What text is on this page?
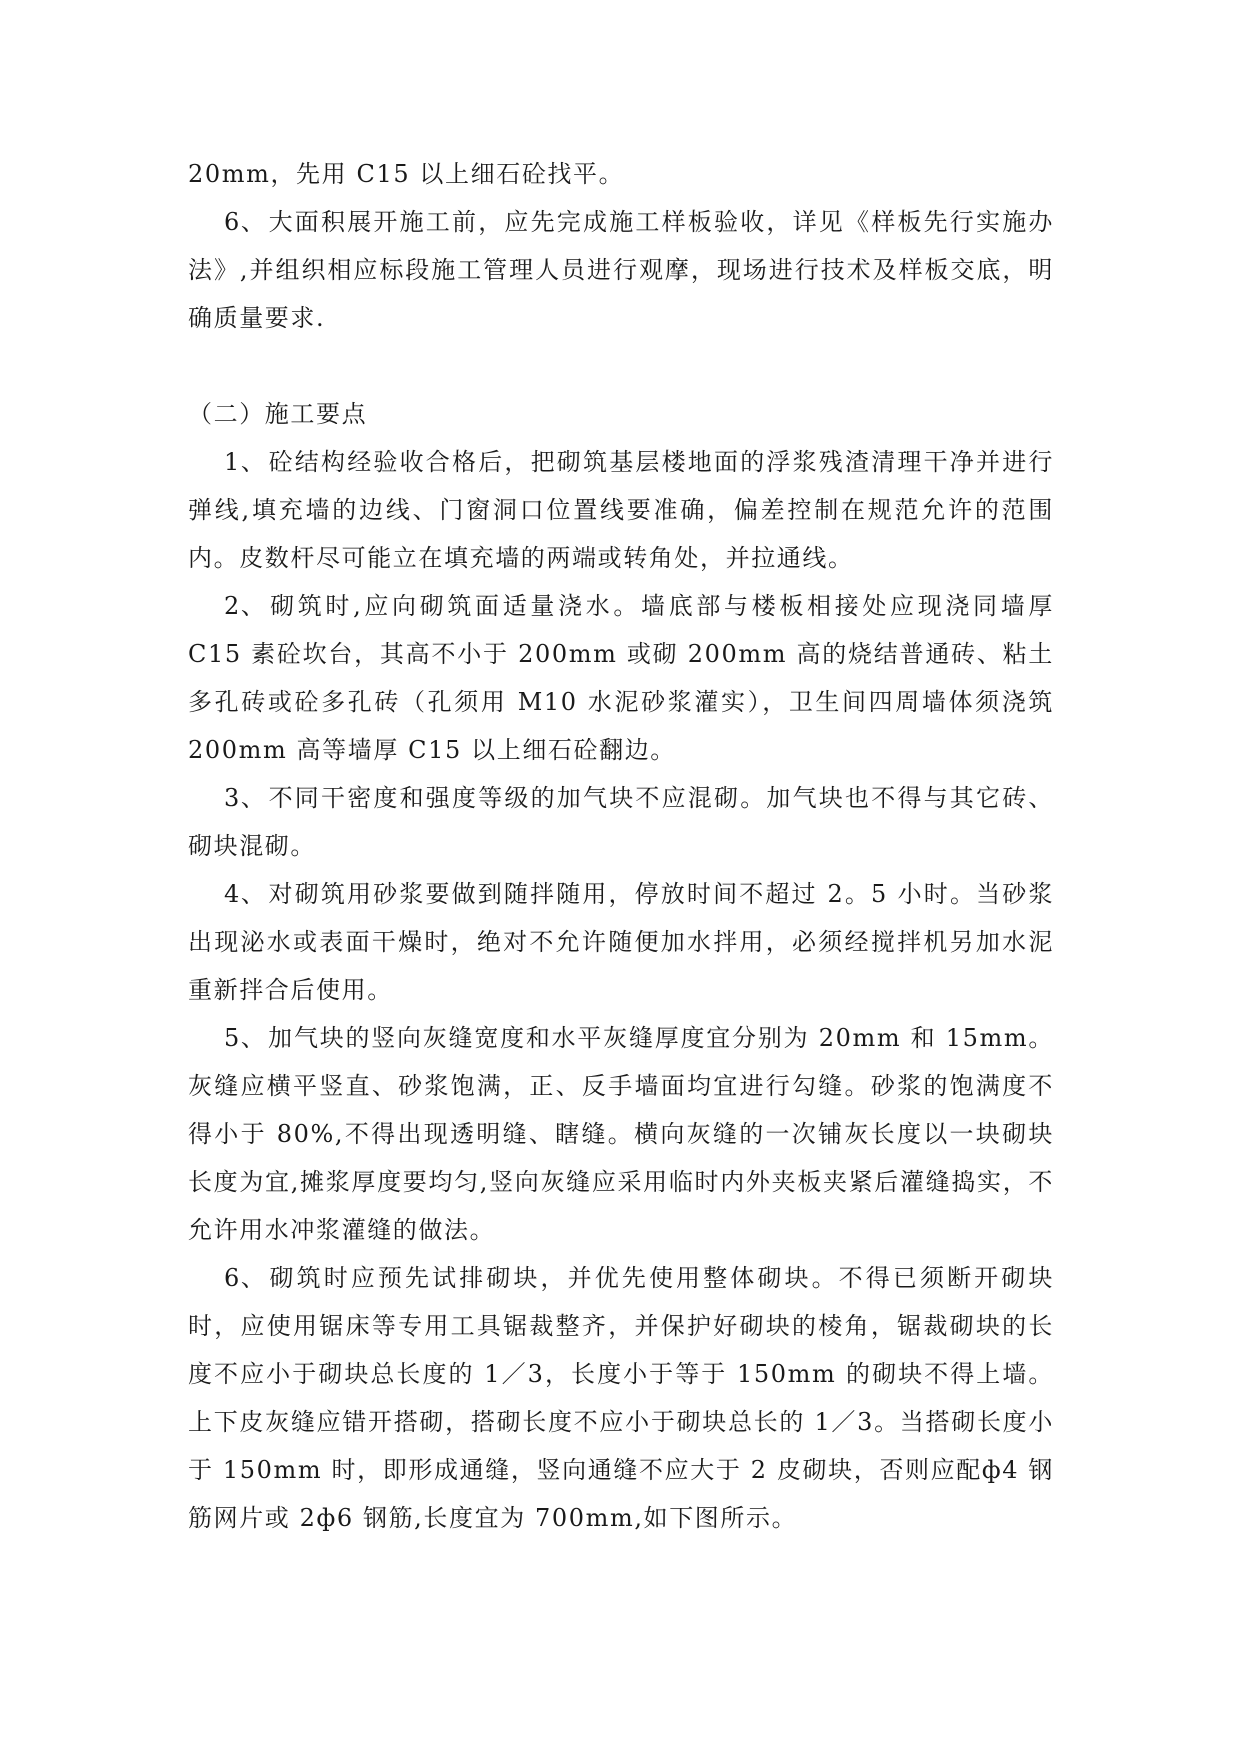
20mm，先用 C15 以上细石砼找平。

6、大面积展开施工前，应先完成施工样板验收，详见《样板先行实施办法》,并组织相应标段施工管理人员进行观摩，现场进行技术及样板交底，明确质量要求.

（二）施工要点

1、砼结构经验收合格后，把砌筑基层楼地面的浮浆残渣清理干净并进行弹线,填充墙的边线、门窗洞口位置线要准确，偏差控制在规范允许的范围内。皮数杆尽可能立在填充墙的两端或转角处，并拉通线。

2、砌筑时,应向砌筑面适量浇水。墙底部与楼板相接处应现浇同墙厚 C15 素砼坎台，其高不小于 200mm 或砌 200mm 高的烧结普通砖、粘土多孔砖或砼多孔砖（孔须用 M10 水泥砂浆灌实），卫生间四周墙体须浇筑 200mm 高等墙厚 C15 以上细石砼翻边。

3、不同干密度和强度等级的加气块不应混砌。加气块也不得与其它砖、砌块混砌。

4、对砌筑用砂浆要做到随拌随用，停放时间不超过 2。5 小时。当砂浆出现泌水或表面干燥时，绝对不允许随便加水拌用，必须经搅拌机另加水泥重新拌合后使用。

5、加气块的竖向灰缝宽度和水平灰缝厚度宜分别为 20mm 和 15mm。灰缝应横平竖直、砂浆饱满，正、反手墙面均宜进行勾缝。砂浆的饱满度不得小于 80%,不得出现透明缝、瞎缝。横向灰缝的一次铺灰长度以一块砌块长度为宜,摊浆厚度要均匀,竖向灰缝应采用临时内外夹板夹紧后灌缝捣实，不允许用水冲浆灌缝的做法。

6、砌筑时应预先试排砌块，并优先使用整体砌块。不得已须断开砌块时，应使用锯床等专用工具锯裁整齐，并保护好砌块的棱角，锯裁砌块的长度不应小于砌块总长度的 1／3，长度小于等于 150mm 的砌块不得上墙。上下皮灰缝应错开搭砌，搭砌长度不应小于砌块总长的 1／3。当搭砌长度小于 150mm 时，即形成通缝，竖向通缝不应大于 2 皮砌块，否则应配ф4 钢筋网片或 2ф6 钢筋,长度宜为 700mm,如下图所示。
